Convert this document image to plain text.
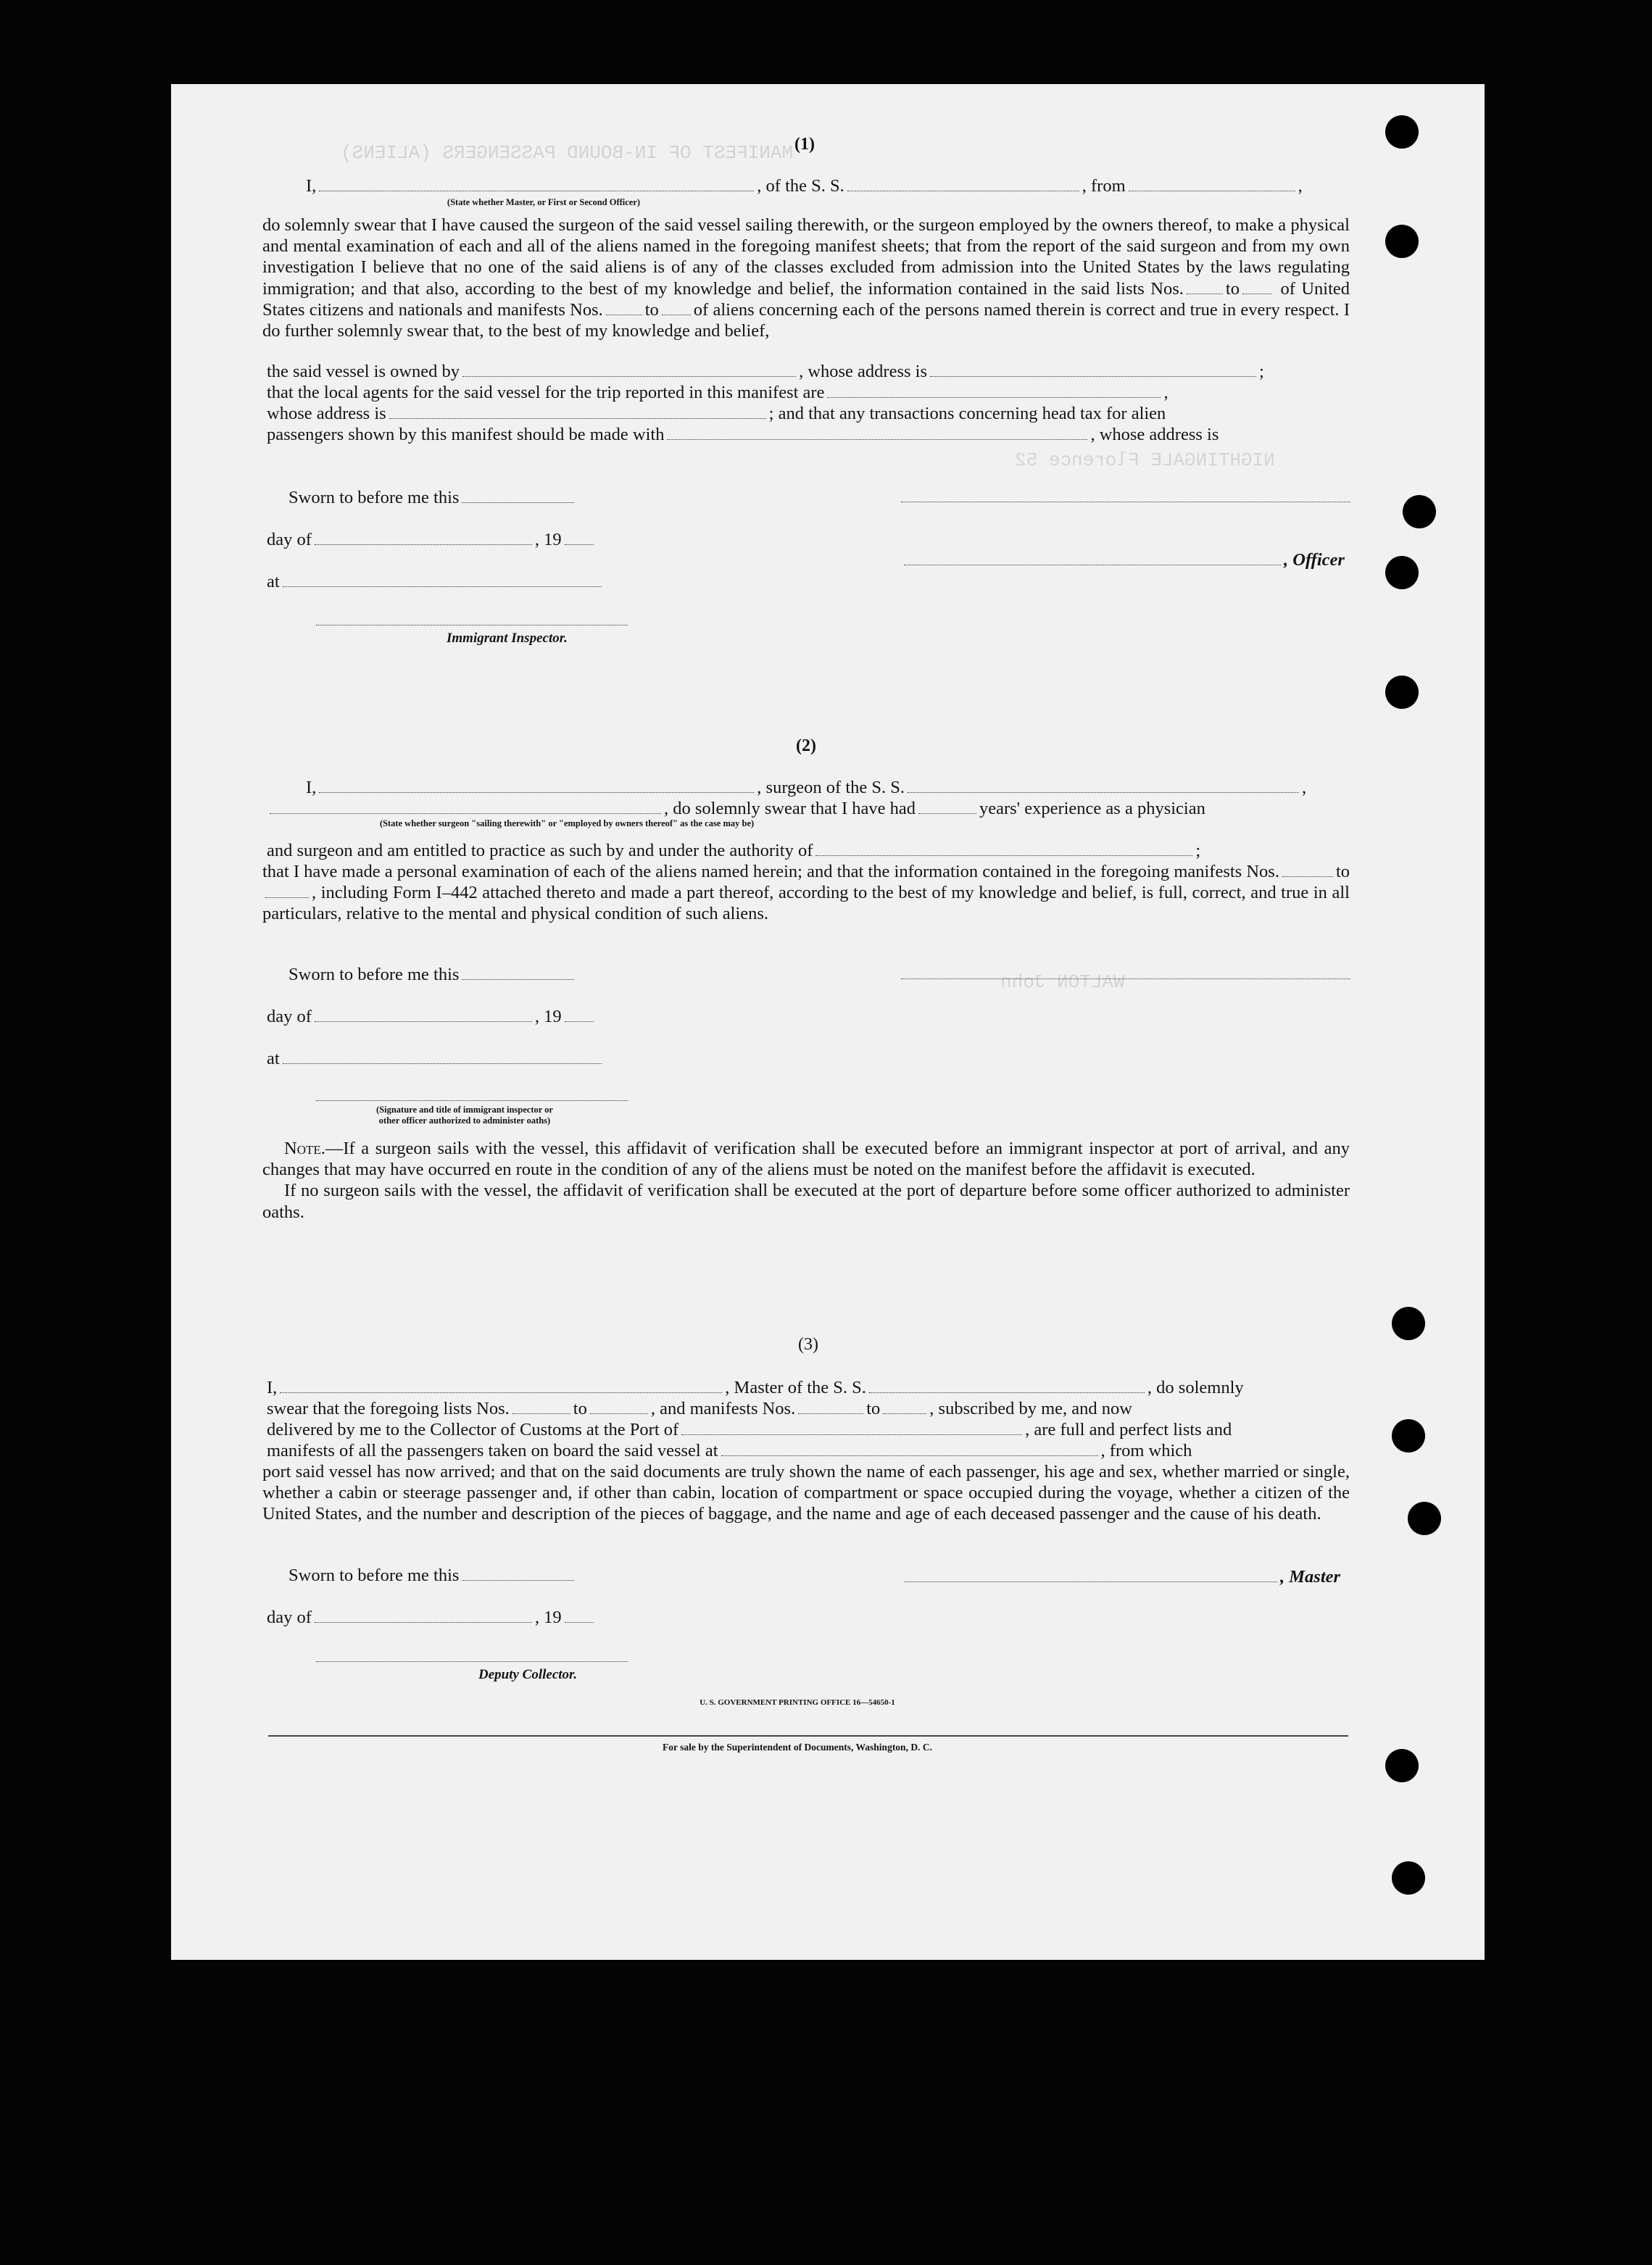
MANIFEST OF IN-BOUND PASSENGERS (ALIENS)
NIGHTINGALE Florence 52
WALTON John
(1)
I,	, of the S. S.	, from	,
(State whether Master, or First or Second Officer)

do solemnly swear that I have caused the surgeon of the said vessel sailing therewith, or the surgeon employed by the owners thereof, to make a physical and mental examination of each and all of the aliens named in the foregoing manifest sheets; that from the report of the said surgeon and from my own investigation I believe that no one of the said aliens is of any of the classes excluded from admission into the United States by the laws regulating immigration; and that also, according to the best of my knowledge and belief, the information contained in the said lists Nos. to of United States citizens and nationals and manifests Nos. to of aliens concerning each of the persons named therein is correct and true in every respect. I do further solemnly swear that, to the best of my knowledge and belief,

the said vessel is owned by	, whose address is	;
that the local agents for the said vessel for the trip reported in this manifest are	,
whose address is	; and that any transactions concerning head tax for alien
passengers shown by this manifest should be made with	, whose address is
Sworn to before me this
day of	, 19
, Officer
at
Immigrant Inspector.
(2)
I,	, surgeon of the S. S.	,
, do solemnly swear that I have had	years' experience as a physician
(State whether surgeon "sailing therewith" or "employed by owners thereof" as the case may be)
and surgeon and am entitled to practice as such by and under the authority of	;

that I have made a personal examination of each of the aliens named herein; and that the information contained in the foregoing manifests Nos.	to, including Form I–442 attached thereto and made a part thereof, according to the best of my knowledge and belief, is full, correct, and true in all particulars, relative to the mental and physical condition of such aliens.

Sworn to before me this
day of	, 19
at
(Signature and title of immigrant inspector or
other officer authorized to administer oaths)

Note.—If a surgeon sails with the vessel, this affidavit of verification shall be executed before an immigrant inspector at port of arrival, and any changes that may have occurred en route in the condition of any of the aliens must be noted on the manifest before the affidavit is executed.

If no surgeon sails with the vessel, the affidavit of verification shall be executed at the port of departure before some officer authorized to administer oaths.

(3)
I,	, Master of the S. S.	, do solemnly
swear that the foregoing lists Nos.	to	, and manifests Nos.	to	, subscribed by me, and now
delivered by me to the Collector of Customs at the Port of	, are full and perfect lists and
manifests of all the passengers taken on board the said vessel at	, from which

port said vessel has now arrived; and that on the said documents are truly shown the name of each passenger, his age and sex, whether married or single, whether a cabin or steerage passenger and, if other than cabin, location of compartment or space occupied during the voyage, whether a citizen of the United States, and the number and description of the pieces of baggage, and the name and age of each deceased passenger and the cause of his death.

Sworn to before me this	, Master
day of	, 19
Deputy Collector.
U. S. GOVERNMENT PRINTING OFFICE 16—54650-1
For sale by the Superintendent of Documents, Washington, D. C.
